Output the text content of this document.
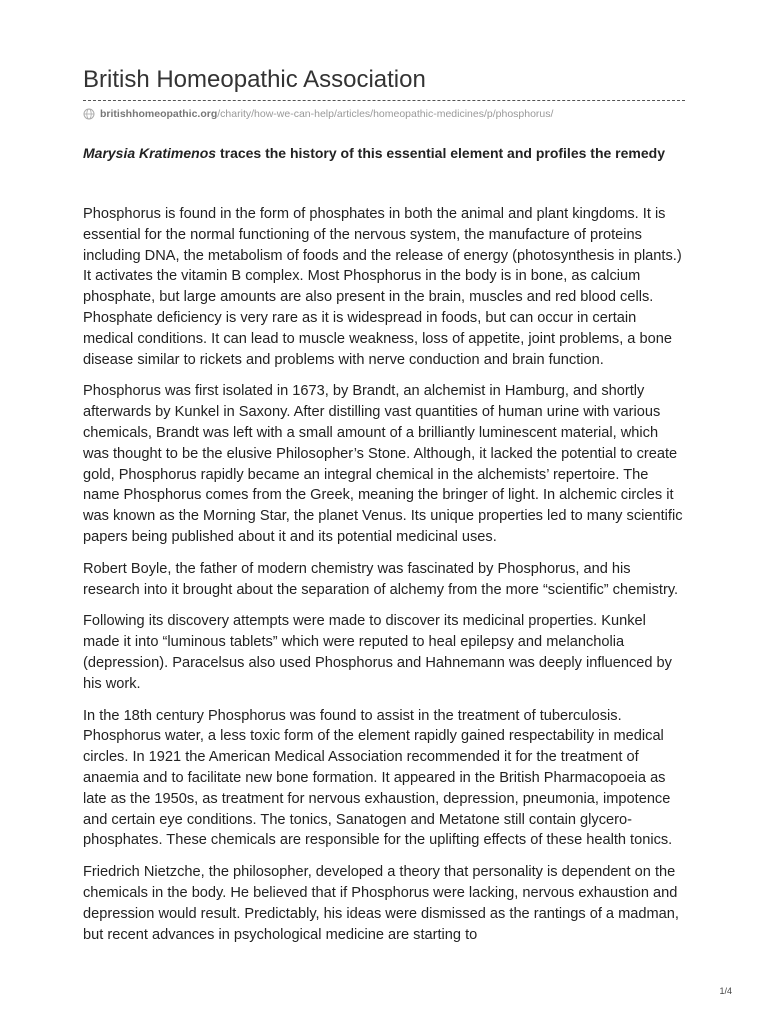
British Homeopathic Association
britishhomeopathic.org /charity/how-we-can-help/articles/homeopathic-medicines/p/phosphorus/
Marysia Kratimenos traces the history of this essential element and profiles the remedy

Phosphorus is found in the form of phosphates in both the animal and plant kingdoms. It is essential for the normal functioning of the nervous system, the manufacture of proteins including DNA, the metabolism of foods and the release of energy (photosynthesis in plants.) It activates the vitamin B complex. Most Phosphorus in the body is in bone, as calcium phosphate, but large amounts are also present in the brain, muscles and red blood cells. Phosphate deficiency is very rare as it is widespread in foods, but can occur in certain medical conditions. It can lead to muscle weakness, loss of appetite, joint problems, a bone disease similar to rickets and problems with nerve conduction and brain function.

Phosphorus was first isolated in 1673, by Brandt, an alchemist in Hamburg, and shortly afterwards by Kunkel in Saxony. After distilling vast quantities of human urine with various chemicals, Brandt was left with a small amount of a brilliantly luminescent material, which was thought to be the elusive Philosopher’s Stone. Although, it lacked the potential to create gold, Phosphorus rapidly became an integral chemical in the alchemists’ repertoire. The name Phosphorus comes from the Greek, meaning the bringer of light. In alchemic circles it was known as the Morning Star, the planet Venus. Its unique properties led to many scientific papers being published about it and its potential medicinal uses.

Robert Boyle, the father of modern chemistry was fascinated by Phosphorus, and his research into it brought about the separation of alchemy from the more “scientific” chemistry.

Following its discovery attempts were made to discover its medicinal properties. Kunkel made it into “luminous tablets” which were reputed to heal epilepsy and melancholia (depression). Paracelsus also used Phosphorus and Hahnemann was deeply influenced by his work.

In the 18th century Phosphorus was found to assist in the treatment of tuberculosis. Phosphorus water, a less toxic form of the element rapidly gained respectability in medical circles. In 1921 the American Medical Association recommended it for the treatment of anaemia and to facilitate new bone formation. It appeared in the British Pharmacopoeia as late as the 1950s, as treatment for nervous exhaustion, depression, pneumonia, impotence and certain eye conditions. The tonics, Sanatogen and Metatone still contain glycero-phosphates. These chemicals are responsible for the uplifting effects of these health tonics.

Friedrich Nietzche, the philosopher, developed a theory that personality is dependent on the chemicals in the body. He believed that if Phosphorus were lacking, nervous exhaustion and depression would result. Predictably, his ideas were dismissed as the rantings of a madman, but recent advances in psychological medicine are starting to

1/4
